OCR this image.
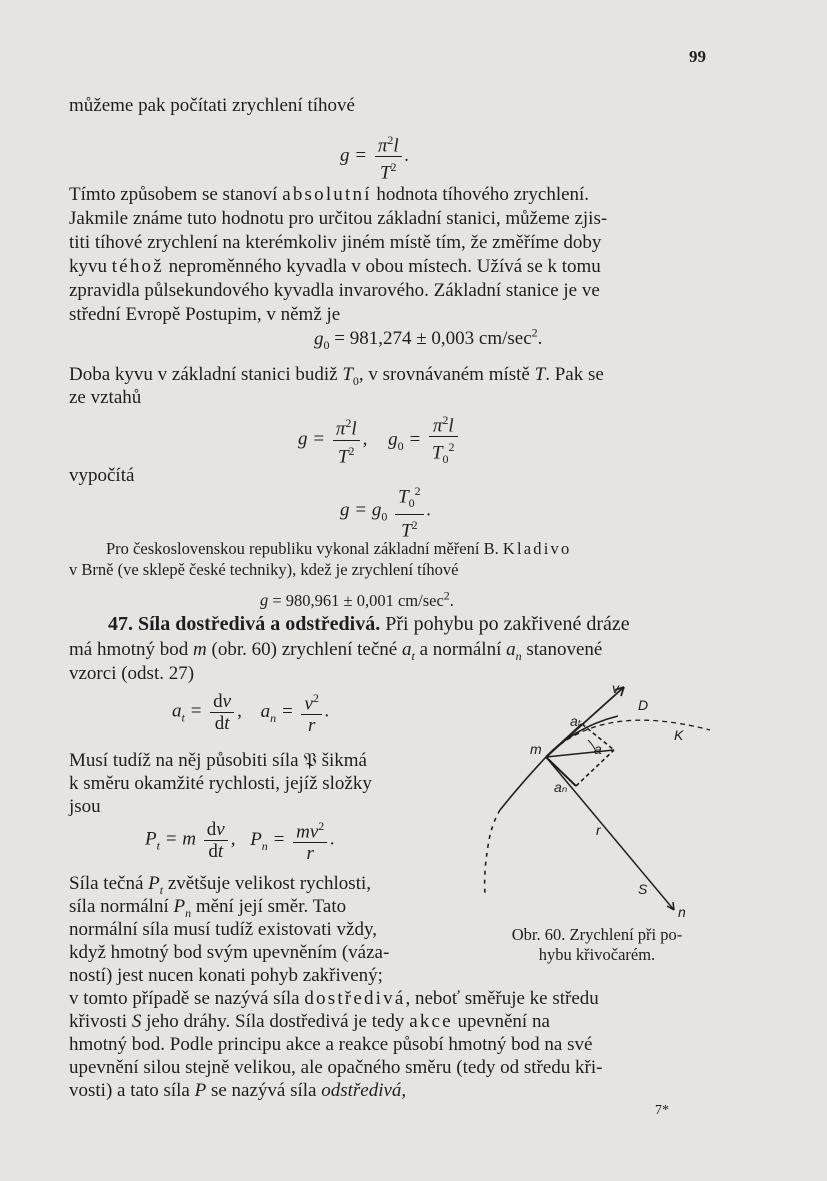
99
můžeme pak počítati zrychlení tíhové
$g = \frac{\pi^2l}{T^2}$ .
Tímto způsobem se stanoví absolutní hodnota tíhového zrychlení.
Jakmile známe tuto hodnotu pro určitou základní stanici, můžeme zjis-
titi tíhové zrychlení na kterémkoliv jiném místě tím, že změříme doby
kyvu téhož neproměnného kyvadla v obou místech. Užívá se k tomu
zpravidla půlsekundového kyvadla invarového. Základní stanice je ve
střední Evropě Postupim, v němž je
$g_0 = 981,274 \pm 0,003$ $cm/\sec^2$.
Doba kyvu v základní stanici budiž $T_0$, v srovnávaném místě T. Pak se
ze vztahů
$g = \frac{\pi^2l}{T^2}$ , $g_0 = \frac{\pi^2l}{T_0^2}$
vypočítá
$g = g_0 \frac{T_0^2}{T^2}$ .
Pro československou republiku vykonal základní měření B. Kladivo
v Brně (ve sklepě české techniky), kdež je zrychlení tíhové
g = 980,961 ± 0,001 $cm/\sec^2$.
47. Síla dostředivá a odstředivá. Při pohybu po zakřivené dráze
má hmotný bod m (obr. 60) zrychlení tečné $a_t$ a normální $a_n$ stanovené
vzorci (odst. 27)
$a_t = \frac{dv}{dt}$ , $a_n = \frac{v^2}{r}$ .
Musí tudíž na něj působiti síla 𝔓 šikmá
k směru okamžité rychlosti, jejíž složky
jsou
$P_t = m \frac{dv}{dt}$ , $P_n = \frac{mv^2}{r}$ .
Síla tečná $P_t$ zvětšuje velikost rychlosti,
síla normální $P_n$ mění její směr. Tato
normální síla musí tudíž existovati vždy,
když hmotný bod svým upevněním (váza-
ností) jest nucen konati pohyb zakřivený;
v tomto případě se nazývá síla dostředivá, neboť směřuje ke středu
křivosti S jeho dráhy. Síla dostředivá je tedy akce upevnění na
hmotný bod. Podle principu akce a reakce působí hmotný bod na své
upevnění silou stejně velikou, ale opačného směru (tedy od středu kři-
vosti) a tato síla P se nazývá síla odstředivá,
7*
v
D
K
m
aₜ
a
aₙ
r
S
n
Obr. 60. Zrychlení při po-
hybu křivočarém.
